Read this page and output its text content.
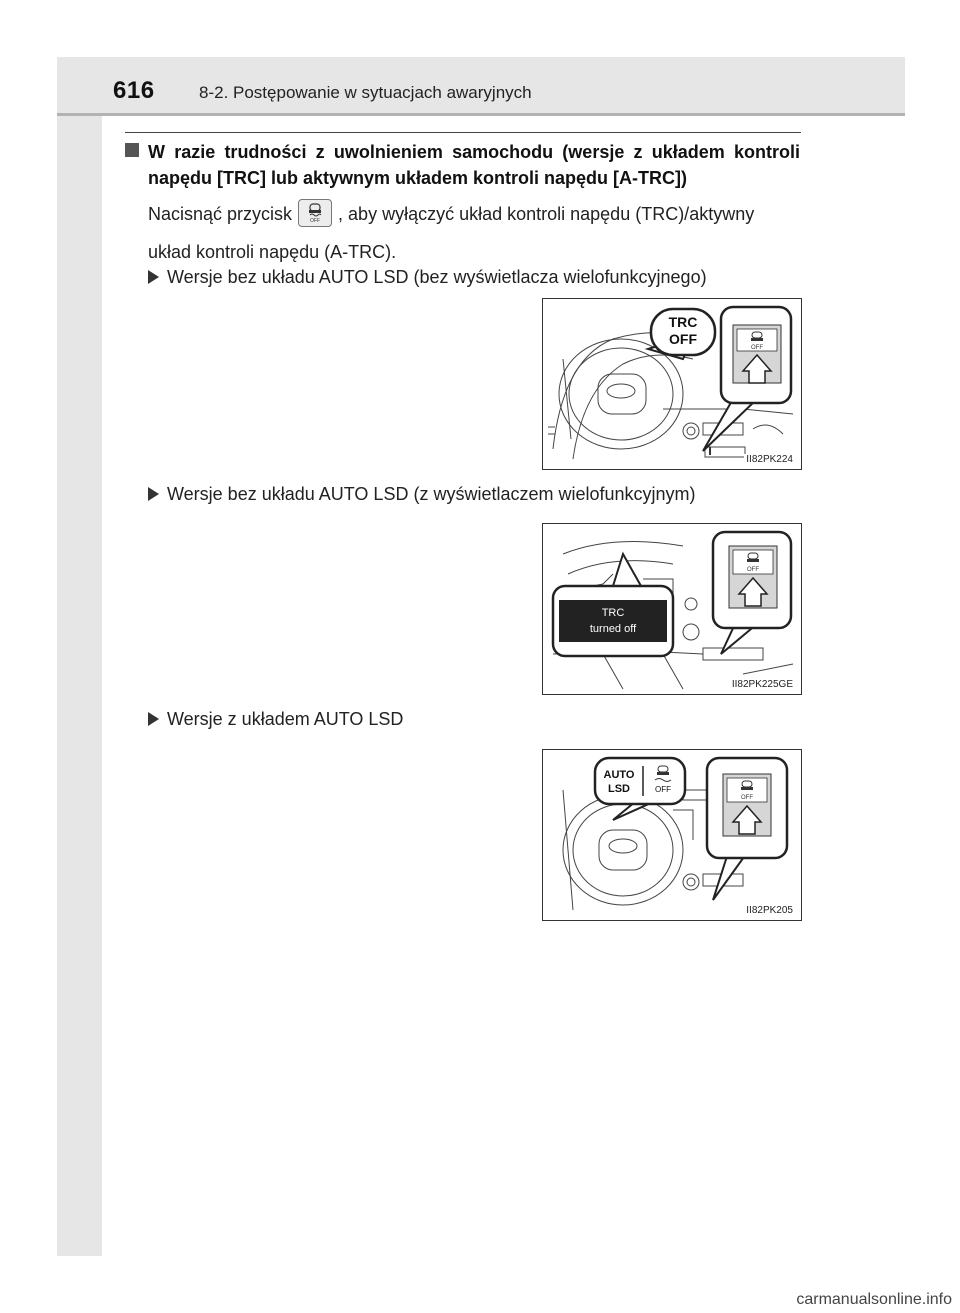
616	8-2. Postępowanie w sytuacjach awaryjnych
W razie trudności z uwolnieniem samochodu (wersje z układem kontroli napędu [TRC] lub aktywnym układem kontroli napędu [A-TRC])
Nacisnąć przycisk	OFF , aby wyłączyć układ kontroli napędu (TRC)/aktywny
układ kontroli napędu (A-TRC).
Wersje bez układu AUTO LSD (bez wyświetlacza wielofunkcyjnego)
TRC
OFF
OFF
II82PK224
Wersje bez układu AUTO LSD (z wyświetlaczem wielofunkcyjnym)
TRC
turned off
OFF
II82PK225GE
Wersje z układem AUTO LSD
AUTO
LSD	OFF
OFF
II82PK205
carmanualsonline.info
